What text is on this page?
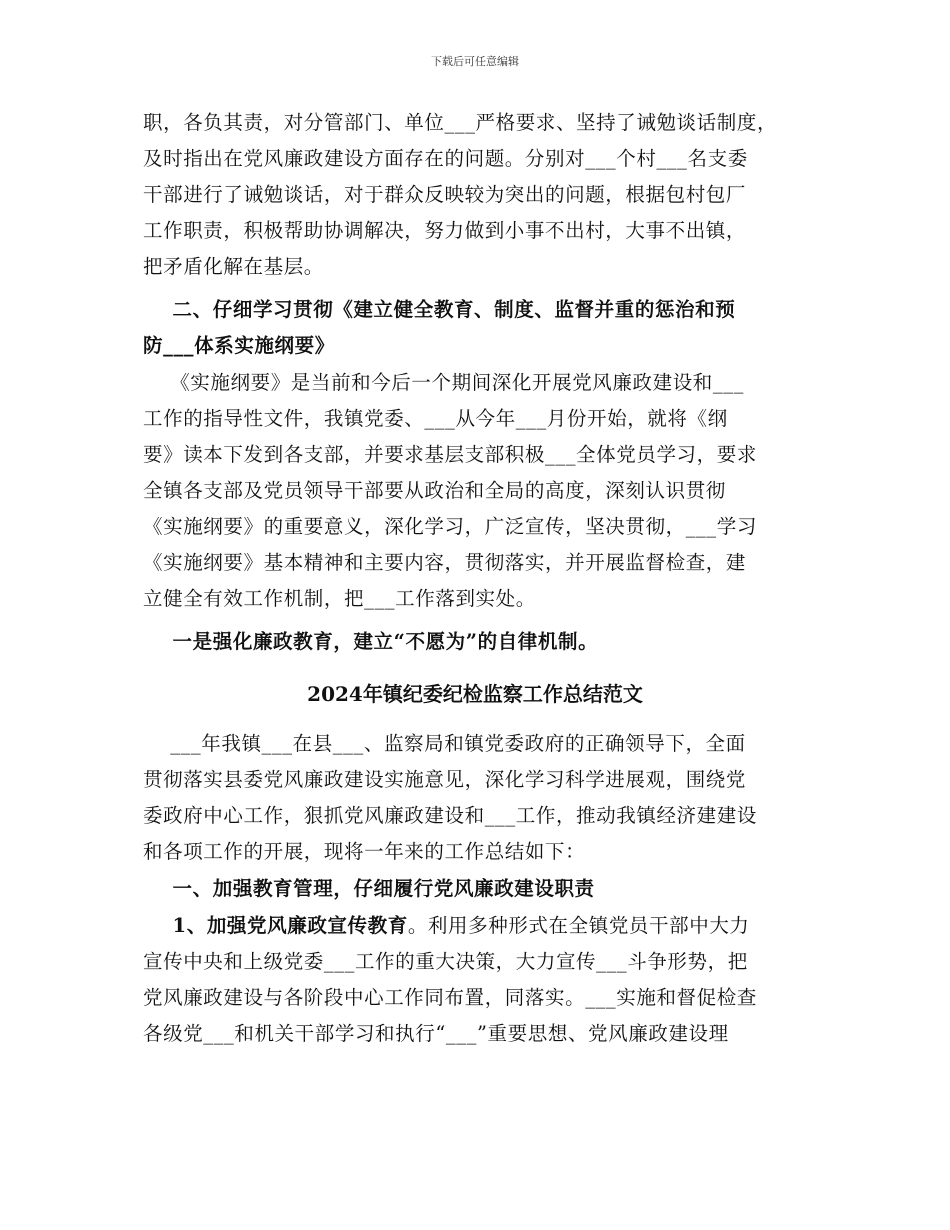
下载后可任意编辑
职，各负其责，对分管部门、单位___严格要求、坚持了诫勉谈话制度，
及时指出在党风廉政建设方面存在的问题。分别对___个村___名支委
干部进行了诫勉谈话，对于群众反映较为突出的问题，根据包村包厂
工作职责，积极帮助协调解决，努力做到小事不出村，大事不出镇，
把矛盾化解在基层。
二、仔细学习贯彻《建立健全教育、制度、监督并重的惩治和预
防___体系实施纲要》
《实施纲要》是当前和今后一个期间深化开展党风廉政建设和___
工作的指导性文件，我镇党委、___从今年___月份开始，就将《纲
要》读本下发到各支部，并要求基层支部积极___全体党员学习，要求
全镇各支部及党员领导干部要从政治和全局的高度，深刻认识贯彻
《实施纲要》的重要意义，深化学习，广泛宣传，坚决贯彻，___学习
《实施纲要》基本精神和主要内容，贯彻落实，并开展监督检查，建
立健全有效工作机制，把___工作落到实处。
一是强化廉政教育，建立“不愿为”的自律机制。
2024年镇纪委纪检监察工作总结范文
___年我镇___在县___、监察局和镇党委政府的正确领导下，全面
贯彻落实县委党风廉政建设实施意见，深化学习科学进展观，围绕党
委政府中心工作，狠抓党风廉政建设和___工作，推动我镇经济建建设
和各项工作的开展，现将一年来的工作总结如下：
一、加强教育管理，仔细履行党风廉政建设职责
1、加强党风廉政宣传教育。利用多种形式在全镇党员干部中大力
宣传中央和上级党委___工作的重大决策，大力宣传___斗争形势，把
党风廉政建设与各阶段中心工作同布置，同落实。___实施和督促检查
各级党___和机关干部学习和执行“___”重要思想、党风廉政建设理
